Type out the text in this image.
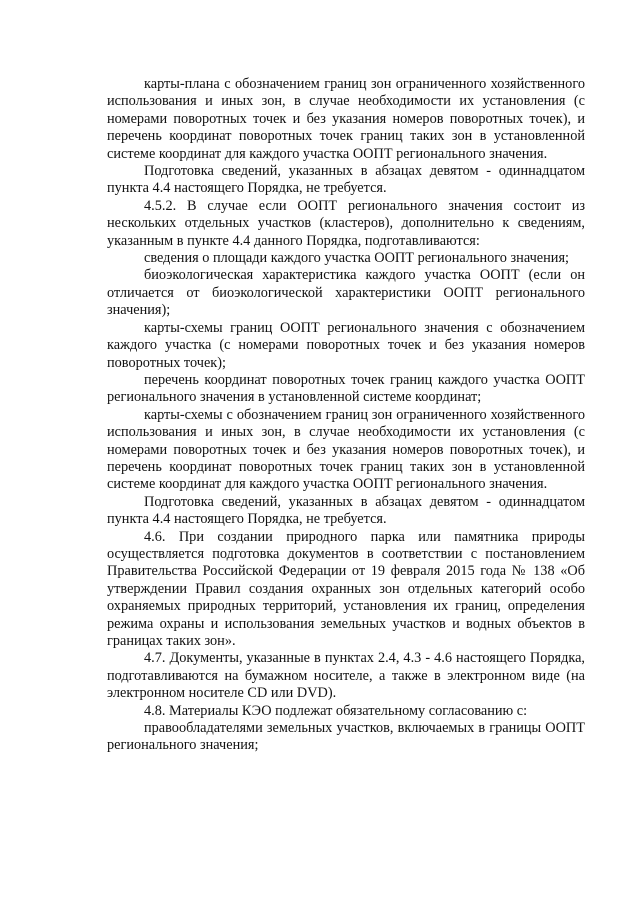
карты-плана с обозначением границ зон ограниченного хозяйственного использования и иных зон, в случае необходимости их установления (с номерами поворотных точек и без указания номеров поворотных точек), и перечень координат поворотных точек границ таких зон в установленной системе координат для каждого участка ООПТ регионального значения.

Подготовка сведений, указанных в абзацах девятом - одиннадцатом пункта 4.4 настоящего Порядка, не требуется.

4.5.2. В случае если ООПТ регионального значения состоит из нескольких отдельных участков (кластеров), дополнительно к сведениям, указанным в пункте 4.4 данного Порядка, подготавливаются:

сведения о площади каждого участка ООПТ регионального значения;

биоэкологическая характеристика каждого участка ООПТ (если он отличается от биоэкологической характеристики ООПТ регионального значения);

карты-схемы границ ООПТ регионального значения с обозначением каждого участка (с номерами поворотных точек и без указания номеров поворотных точек);

перечень координат поворотных точек границ каждого участка ООПТ регионального значения в установленной системе координат;

карты-схемы с обозначением границ зон ограниченного хозяйственного использования и иных зон, в случае необходимости их установления (с номерами поворотных точек и без указания номеров поворотных точек), и перечень координат поворотных точек границ таких зон в установленной системе координат для каждого участка ООПТ регионального значения.

Подготовка сведений, указанных в абзацах девятом - одиннадцатом пункта 4.4 настоящего Порядка, не требуется.

4.6. При создании природного парка или памятника природы осуществляется подготовка документов в соответствии с постановлением Правительства Российской Федерации от 19 февраля 2015 года № 138 «Об утверждении Правил создания охранных зон отдельных категорий особо охраняемых природных территорий, установления их границ, определения режима охраны и использования земельных участков и водных объектов в границах таких зон».

4.7. Документы, указанные в пунктах 2.4, 4.3 - 4.6 настоящего Порядка, подготавливаются на бумажном носителе, а также в электронном виде (на электронном носителе CD или DVD).

4.8. Материалы КЭО подлежат обязательному согласованию с:

правообладателями земельных участков, включаемых в границы ООПТ регионального значения;
